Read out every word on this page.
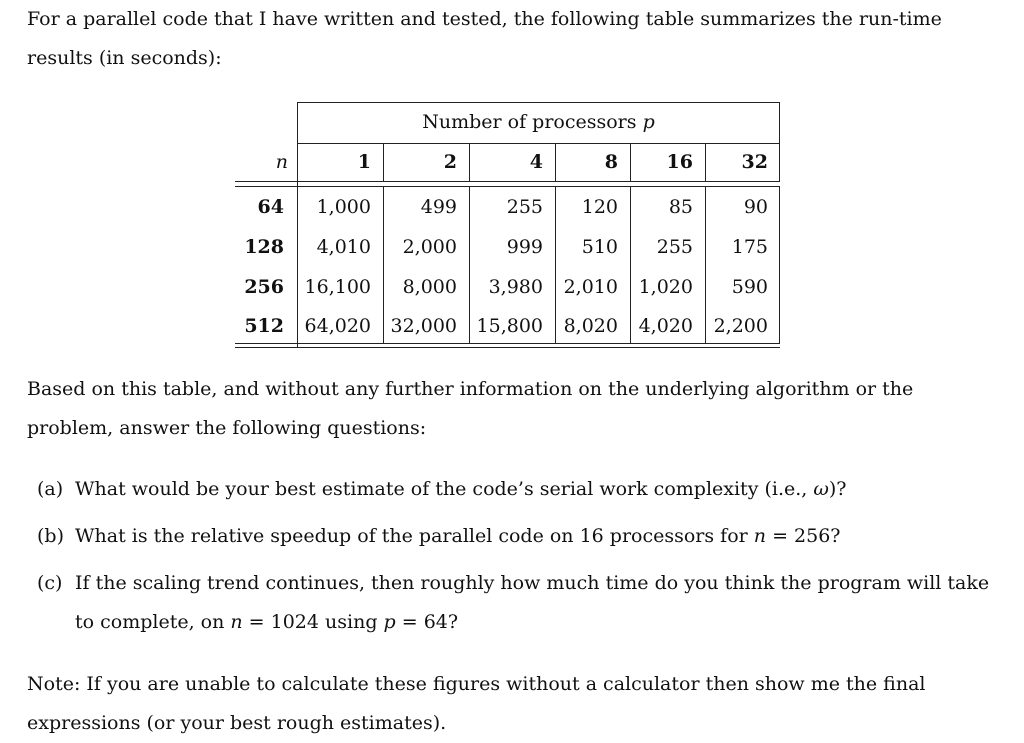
For a parallel code that I have written and tested, the following table summarizes the run-time results (in seconds):

Number of processors p
n	1	2	4	8	16	32
64	1,000	499	255	120	85	90
128	4,010	2,000	999	510	255	175
256	16,100	8,000	3,980	2,010	1,020	590
512	64,020	32,000	15,800	8,020	4,020	2,200

Based on this table, and without any further information on the underlying algorithm or the problem, answer the following questions:

(a) What would be your best estimate of the code’s serial work complexity (i.e., ω)?

(b) What is the relative speedup of the parallel code on 16 processors for n = 256?

(c) If the scaling trend continues, then roughly how much time do you think the program will take
to complete, on n = 1024 using p = 64?

Note: If you are unable to calculate these figures without a calculator then show me the final expressions (or your best rough estimates).
